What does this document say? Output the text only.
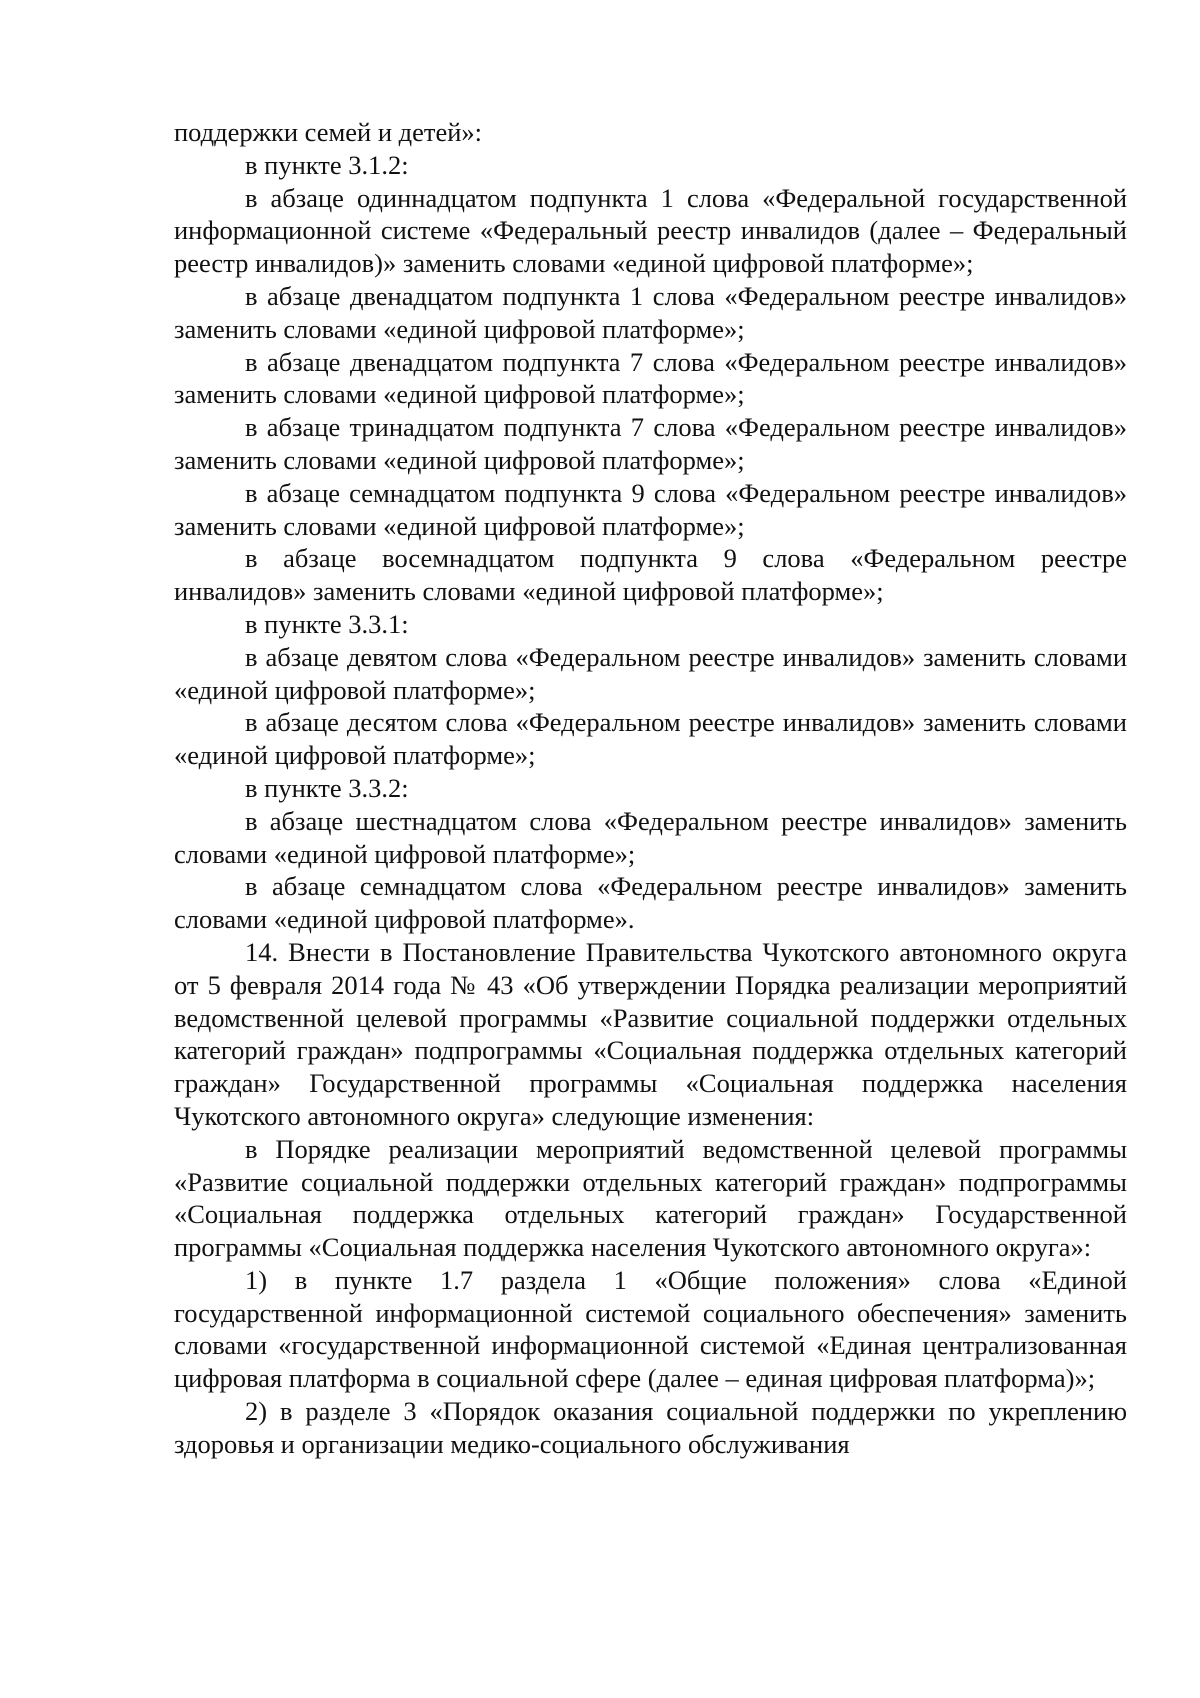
поддержки семей и детей»:

в пункте 3.1.2:

в абзаце одиннадцатом подпункта 1 слова «Федеральной государственной информационной системе «Федеральный реестр инвалидов (далее – Федеральный реестр инвалидов)» заменить словами «единой цифровой платформе»;

в абзаце двенадцатом подпункта 1 слова «Федеральном реестре инвалидов» заменить словами «единой цифровой платформе»;

в абзаце двенадцатом подпункта 7 слова «Федеральном реестре инвалидов» заменить словами «единой цифровой платформе»;

в абзаце тринадцатом подпункта 7 слова «Федеральном реестре инвалидов» заменить словами «единой цифровой платформе»;

в абзаце семнадцатом подпункта 9 слова «Федеральном реестре инвалидов» заменить словами «единой цифровой платформе»;

в абзаце восемнадцатом подпункта 9 слова «Федеральном реестре инвалидов» заменить словами «единой цифровой платформе»;

в пункте 3.3.1:

в абзаце девятом слова «Федеральном реестре инвалидов» заменить словами «единой цифровой платформе»;

в абзаце десятом слова «Федеральном реестре инвалидов» заменить словами «единой цифровой платформе»;

в пункте 3.3.2:

в абзаце шестнадцатом слова «Федеральном реестре инвалидов» заменить словами «единой цифровой платформе»;

в абзаце семнадцатом слова «Федеральном реестре инвалидов» заменить словами «единой цифровой платформе».

14. Внести в Постановление Правительства Чукотского автономного округа от 5 февраля 2014 года № 43 «Об утверждении Порядка реализации мероприятий ведомственной целевой программы «Развитие социальной поддержки отдельных категорий граждан» подпрограммы «Социальная поддержка отдельных категорий граждан» Государственной программы «Социальная поддержка населения Чукотского автономного округа» следующие изменения:

в Порядке реализации мероприятий ведомственной целевой программы «Развитие социальной поддержки отдельных категорий граждан» подпрограммы «Социальная поддержка отдельных категорий граждан» Государственной программы «Социальная поддержка населения Чукотского автономного округа»:

1) в пункте 1.7 раздела 1 «Общие положения» слова «Единой государственной информационной системой социального обеспечения» заменить словами «государственной информационной системой «Единая централизованная цифровая платформа в социальной сфере (далее – единая цифровая платформа)»;

2) в разделе 3 «Порядок оказания социальной поддержки по укреплению здоровья и организации медико-социального обслуживания
